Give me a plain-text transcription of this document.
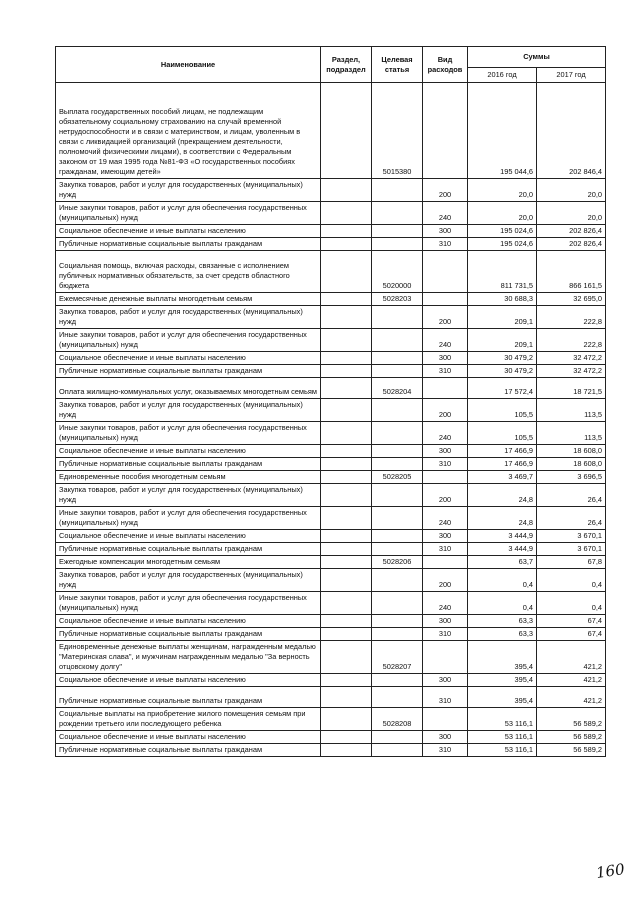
Наименование	Раздел, подраздел	Целевая статья	Вид расходов	Суммы	
				2016 год	2017 год
Выплата государственных пособий лицам, не подлежащим обязательному социальному страхованию на случай временной нетрудоспособности и в связи с материнством, и лицам, уволенным в связи с ликвидацией организаций (прекращением деятельности, полномочий физическими лицами), в соответствии с Федеральным законом от 19 мая 1995 года №81-ФЗ «О государственных пособиях гражданам, имеющим детей»		5015380		195 044,6	202 846,4
Закупка товаров, работ и услуг для государственных (муниципальных) нужд			200	20,0	20,0
Иные закупки товаров, работ и услуг для обеспечения государственных (муниципальных) нужд			240	20,0	20,0
Социальное обеспечение и иные выплаты населению			300	195 024,6	202 826,4
Публичные нормативные социальные выплаты гражданам			310	195 024,6	202 826,4
Социальная помощь, включая расходы, связанные с исполнением публичных нормативных обязательств, за счет средств областного бюджета		5020000		811 731,5	866 161,5
Ежемесячные денежные выплаты многодетным семьям		5028203		30 688,3	32 695,0
Закупка товаров, работ и услуг для государственных (муниципальных) нужд			200	209,1	222,8
Иные закупки товаров, работ и услуг для обеспечения государственных (муниципальных) нужд			240	209,1	222,8
Социальное обеспечение и иные выплаты населению			300	30 479,2	32 472,2
Публичные нормативные социальные выплаты гражданам			310	30 479,2	32 472,2
Оплата жилищно-коммунальных услуг, оказываемых многодетным семьям		5028204		17 572,4	18 721,5
Закупка товаров, работ и услуг для государственных (муниципальных) нужд			200	105,5	113,5
Иные закупки товаров, работ и услуг для обеспечения государственных (муниципальных) нужд			240	105,5	113,5
Социальное обеспечение и иные выплаты населению			300	17 466,9	18 608,0
Публичные нормативные социальные выплаты гражданам			310	17 466,9	18 608,0
Единовременные пособия многодетным семьям		5028205		3 469,7	3 696,5
Закупка товаров, работ и услуг для государственных (муниципальных) нужд			200	24,8	26,4
Иные закупки товаров, работ и услуг для обеспечения государственных (муниципальных) нужд			240	24,8	26,4
Социальное обеспечение и иные выплаты населению			300	3 444,9	3 670,1
Публичные нормативные социальные выплаты гражданам			310	3 444,9	3 670,1
Ежегодные компенсации многодетным семьям		5028206		63,7	67,8
Закупка товаров, работ и услуг для государственных (муниципальных) нужд			200	0,4	0,4
Иные закупки товаров, работ и услуг для обеспечения государственных (муниципальных) нужд			240	0,4	0,4
Социальное обеспечение и иные выплаты населению			300	63,3	67,4
Публичные нормативные социальные выплаты гражданам			310	63,3	67,4
Единовременные денежные выплаты женщинам, награжденным медалью "Материнская слава", и мужчинам награжденным медалью "За верность отцовскому долгу"		5028207		395,4	421,2
Социальное обеспечение и иные выплаты населению			300	395,4	421,2
Публичные нормативные социальные выплаты гражданам			310	395,4	421,2
Социальные выплаты на приобретение жилого помещения семьям при рождении третьего или последующего ребенка		5028208		53 116,1	56 589,2
Социальное обеспечение и иные выплаты населению			300	53 116,1	56 589,2
Публичные нормативные социальные выплаты гражданам			310	53 116,1	56 589,2
160
